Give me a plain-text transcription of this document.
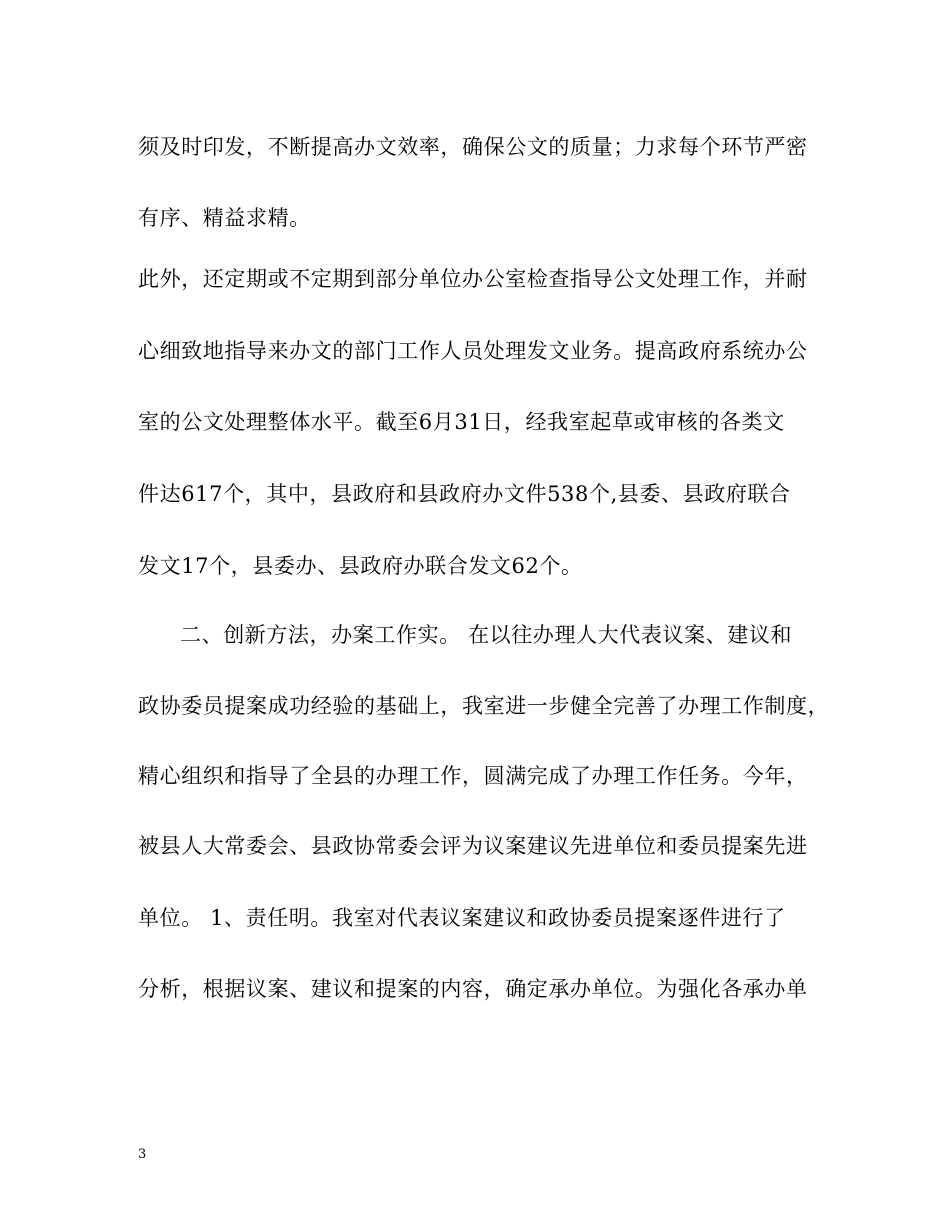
须及时印发，不断提高办文效率，确保公文的质量；力求每个环节严密
有序、精益求精。
此外，还定期或不定期到部分单位办公室检查指导公文处理工作，并耐
心细致地指导来办文的部门工作人员处理发文业务。提高政府系统办公
室的公文处理整体水平。截至6月31日，经我室起草或审核的各类文
件达617个，其中，县政府和县政府办文件538个,县委、县政府联合
发文17个，县委办、县政府办联合发文62个。
二、创新方法，办案工作实。 在以往办理人大代表议案、建议和
政协委员提案成功经验的基础上，我室进一步健全完善了办理工作制度，
精心组织和指导了全县的办理工作，圆满完成了办理工作任务。今年，
被县人大常委会、县政协常委会评为议案建议先进单位和委员提案先进
单位。 1、责任明。我室对代表议案建议和政协委员提案逐件进行了
分析，根据议案、建议和提案的内容，确定承办单位。为强化各承办单
3
